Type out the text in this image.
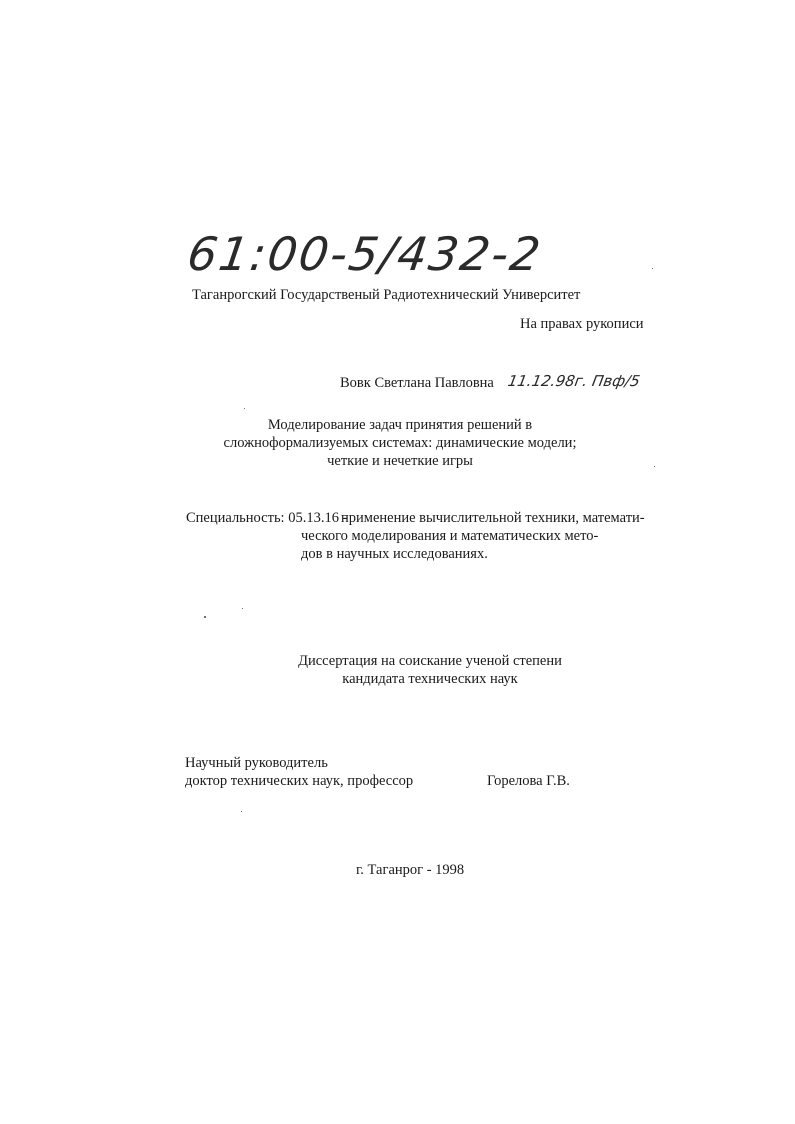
61:00-5/432-2
Таганрогский Государственый Радиотехнический Университет
На правах рукописи
Вовк Светлана Павловна 11.12.98г. Пвф/5
Моделирование задач принятия решений в
сложноформализуемых системах: динамические модели;
четкие и нечеткие игры
Специальность: 05.13.16 -
применение вычислительной техники, математи-
ческого моделирования и математических мето-
дов в научных исследованиях.
Диссертация на соискание ученой степени
кандидата технических наук
Научный руководитель
доктор технических наук, профессор	Горелова Г.В.
г. Таганрог - 1998
